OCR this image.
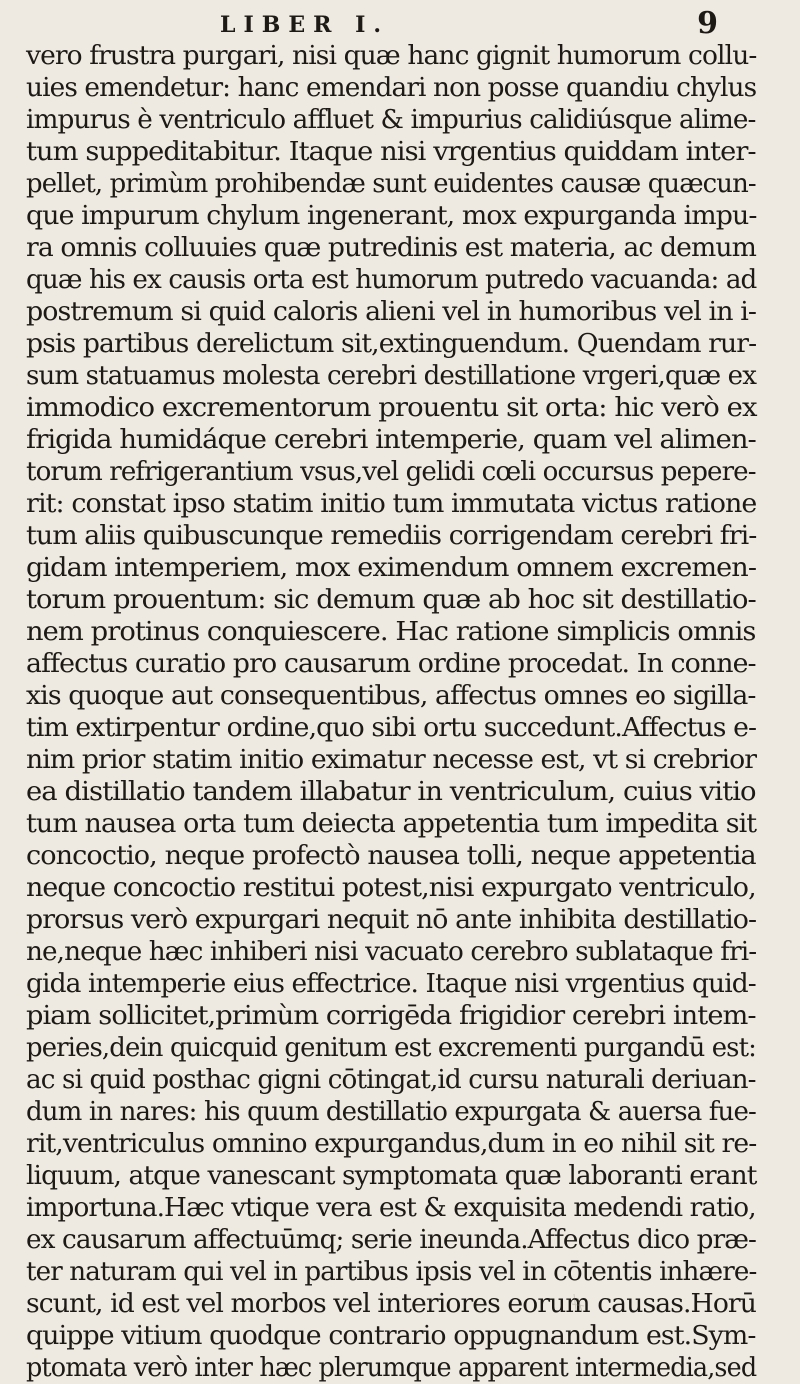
LIBER I.	9
vero frustra purgari, nisi quæ hanc gignit humorum collu-
uies emendetur: hanc emendari non posse quandiu chylus
impurus è ventriculo affluet & impurius calidiúsque alime-
tum suppeditabitur. Itaque nisi vrgentius quiddam inter-
pellet, primùm prohibendæ sunt euidentes causæ quæcun-
que impurum chylum ingenerant, mox expurganda impu-
ra omnis colluuies quæ putredinis est materia, ac demum
quæ his ex causis orta est humorum putredo vacuanda: ad
postremum si quid caloris alieni vel in humoribus vel in i-
psis partibus derelictum sit,extinguendum. Quendam rur-
sum statuamus molesta cerebri destillatione vrgeri,quæ ex
immodico excrementorum prouentu sit orta: hic verò ex
frigida humidáque cerebri intemperie, quam vel alimen-
torum refrigerantium vsus,vel gelidi cœli occursus pepere-
rit: constat ipso statim initio tum immutata victus ratione
tum aliis quibuscunque remediis corrigendam cerebri fri-
gidam intemperiem, mox eximendum omnem excremen-
torum prouentum: sic demum quæ ab hoc sit destillatio-
nem protinus conquiescere. Hac ratione simplicis omnis
affectus curatio pro causarum ordine procedat. In conne-
xis quoque aut consequentibus, affectus omnes eo sigilla-
tim extirpentur ordine,quo sibi ortu succedunt.Affectus e-
nim prior statim initio eximatur necesse est, vt si crebrior
ea distillatio tandem illabatur in ventriculum, cuius vitio
tum nausea orta tum deiecta appetentia tum impedita sit
concoctio, neque profectò nausea tolli, neque appetentia
neque concoctio restitui potest,nisi expurgato ventriculo,
prorsus verò expurgari nequit nō ante inhibita destillatio-
ne,neque hæc inhiberi nisi vacuato cerebro sublataque fri-
gida intemperie eius effectrice. Itaque nisi vrgentius quid-
piam sollicitet,primùm corrigēda frigidior cerebri intem-
peries,dein quicquid genitum est excrementi purgandū est:
ac si quid posthac gigni cōtingat,id cursu naturali deriuan-
dum in nares: his quum destillatio expurgata & auersa fue-
rit,ventriculus omnino expurgandus,dum in eo nihil sit re-
liquum, atque vanescant symptomata quæ laboranti erant
importuna.Hæc vtique vera est & exquisita medendi ratio,
ex causarum affectuūmq; serie ineunda.Affectus dico præ-
ter naturam qui vel in partibus ipsis vel in cōtentis inhære-
scunt, id est vel morbos vel interiores eorum causas.Horū
quippe vitium quodque contrario oppugnandum est.Sym-
ptomata verò inter hæc plerumque apparent intermedia,sed
